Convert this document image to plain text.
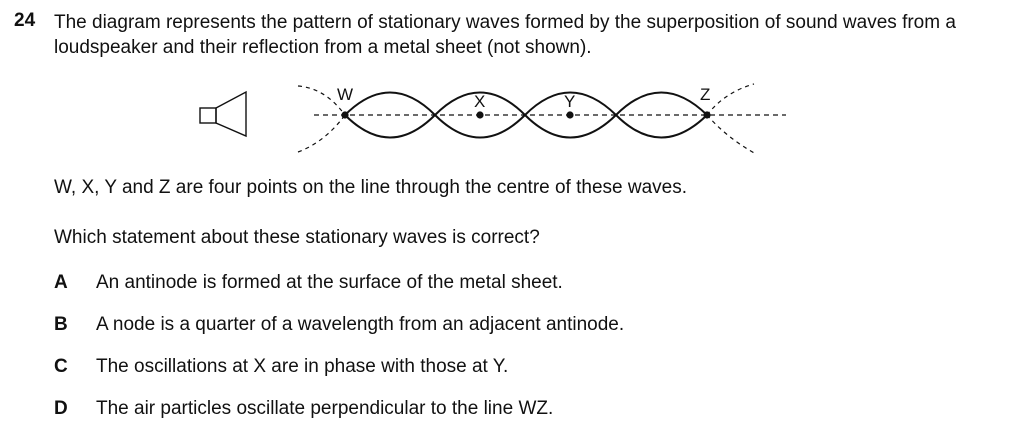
24 The diagram represents the pattern of stationary waves formed by the superposition of sound waves from a loudspeaker and their reflection from a metal sheet (not shown).
W	X	Y	Z
W, X, Y and Z are four points on the line through the centre of these waves.
Which statement about these stationary waves is correct?
A An antinode is formed at the surface of the metal sheet.
B A node is a quarter of a wavelength from an adjacent antinode.
C The oscillations at X are in phase with those at Y.
D The air particles oscillate perpendicular to the line WZ.
